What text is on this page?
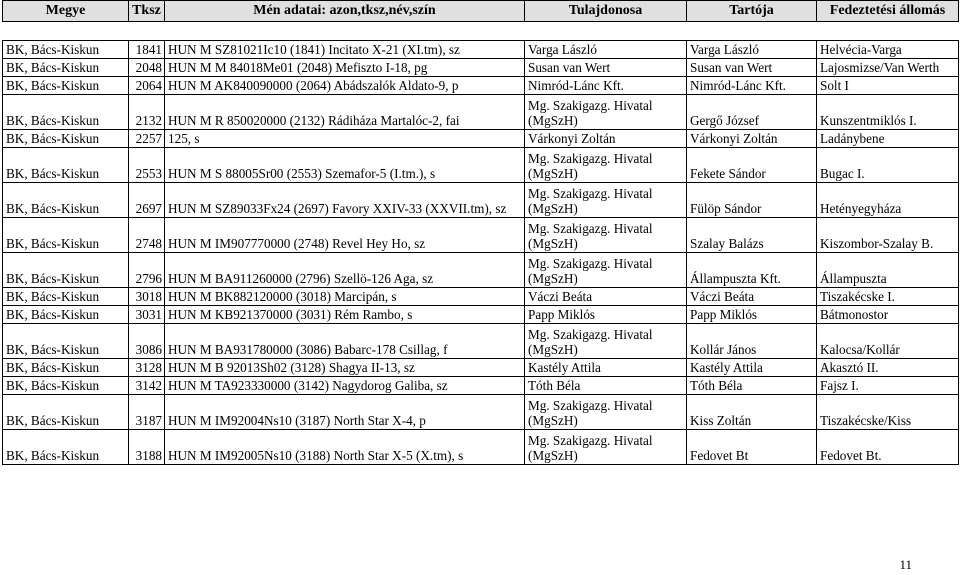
Megye	Tksz	Mén adatai: azon,tksz,név,szín	Tulajdonosa	Tartója	Fedeztetési állomás

BK, Bács-Kiskun	1841	HUN M SZ81021Ic10 (1841) Incitato X-21 (XI.tm), sz	Varga László	Varga László	Helvécia-Varga
BK, Bács-Kiskun	2048	HUN M M 84018Me01 (2048) Mefiszto I-18, pg	Susan van Wert	Susan van Wert	Lajosmizse/Van Werth
BK, Bács-Kiskun	2064	HUN M AK840090000 (2064) Abádszalók Aldato-9, p	Nimród-Lánc Kft.	Nimród-Lánc Kft.	Solt I
BK, Bács-Kiskun	2132	HUN M R 850020000 (2132) Rádiháza Martalóc-2, fai	Mg. Szakigazg. Hivatal (MgSzH)	Gergő József	Kunszentmiklós I.
BK, Bács-Kiskun	2257	125, s	Várkonyi Zoltán	Várkonyi Zoltán	Ladánybene
BK, Bács-Kiskun	2553	HUN M S 88005Sr00 (2553) Szemafor-5 (I.tm.), s	Mg. Szakigazg. Hivatal (MgSzH)	Fekete Sándor	Bugac I.
BK, Bács-Kiskun	2697	HUN M SZ89033Fx24 (2697) Favory XXIV-33 (XXVII.tm), sz	Mg. Szakigazg. Hivatal (MgSzH)	Fülöp Sándor	Hetényegyháza
BK, Bács-Kiskun	2748	HUN M IM907770000 (2748) Revel Hey Ho, sz	Mg. Szakigazg. Hivatal (MgSzH)	Szalay Balázs	Kiszombor-Szalay B.
BK, Bács-Kiskun	2796	HUN M BA911260000 (2796) Szellö-126 Aga, sz	Mg. Szakigazg. Hivatal (MgSzH)	Állampuszta Kft.	Állampuszta
BK, Bács-Kiskun	3018	HUN M BK882120000 (3018) Marcipán, s	Váczi Beáta	Váczi Beáta	Tiszakécske I.
BK, Bács-Kiskun	3031	HUN M KB921370000 (3031) Rém Rambo, s	Papp Miklós	Papp Miklós	Bátmonostor
BK, Bács-Kiskun	3086	HUN M BA931780000 (3086) Babarc-178 Csillag, f	Mg. Szakigazg. Hivatal (MgSzH)	Kollár János	Kalocsa/Kollár
BK, Bács-Kiskun	3128	HUN M B 92013Sh02 (3128) Shagya II-13, sz	Kastély Attila	Kastély Attila	Akasztó II.
BK, Bács-Kiskun	3142	HUN M TA923330000 (3142) Nagydorog Galiba, sz	Tóth Béla	Tóth Béla	Fajsz I.
BK, Bács-Kiskun	3187	HUN M IM92004Ns10 (3187) North Star X-4, p	Mg. Szakigazg. Hivatal (MgSzH)	Kiss Zoltán	Tiszakécske/Kiss
BK, Bács-Kiskun	3188	HUN M IM92005Ns10 (3188) North Star X-5 (X.tm), s	Mg. Szakigazg. Hivatal (MgSzH)	Fedovet Bt	Fedovet Bt.
11
